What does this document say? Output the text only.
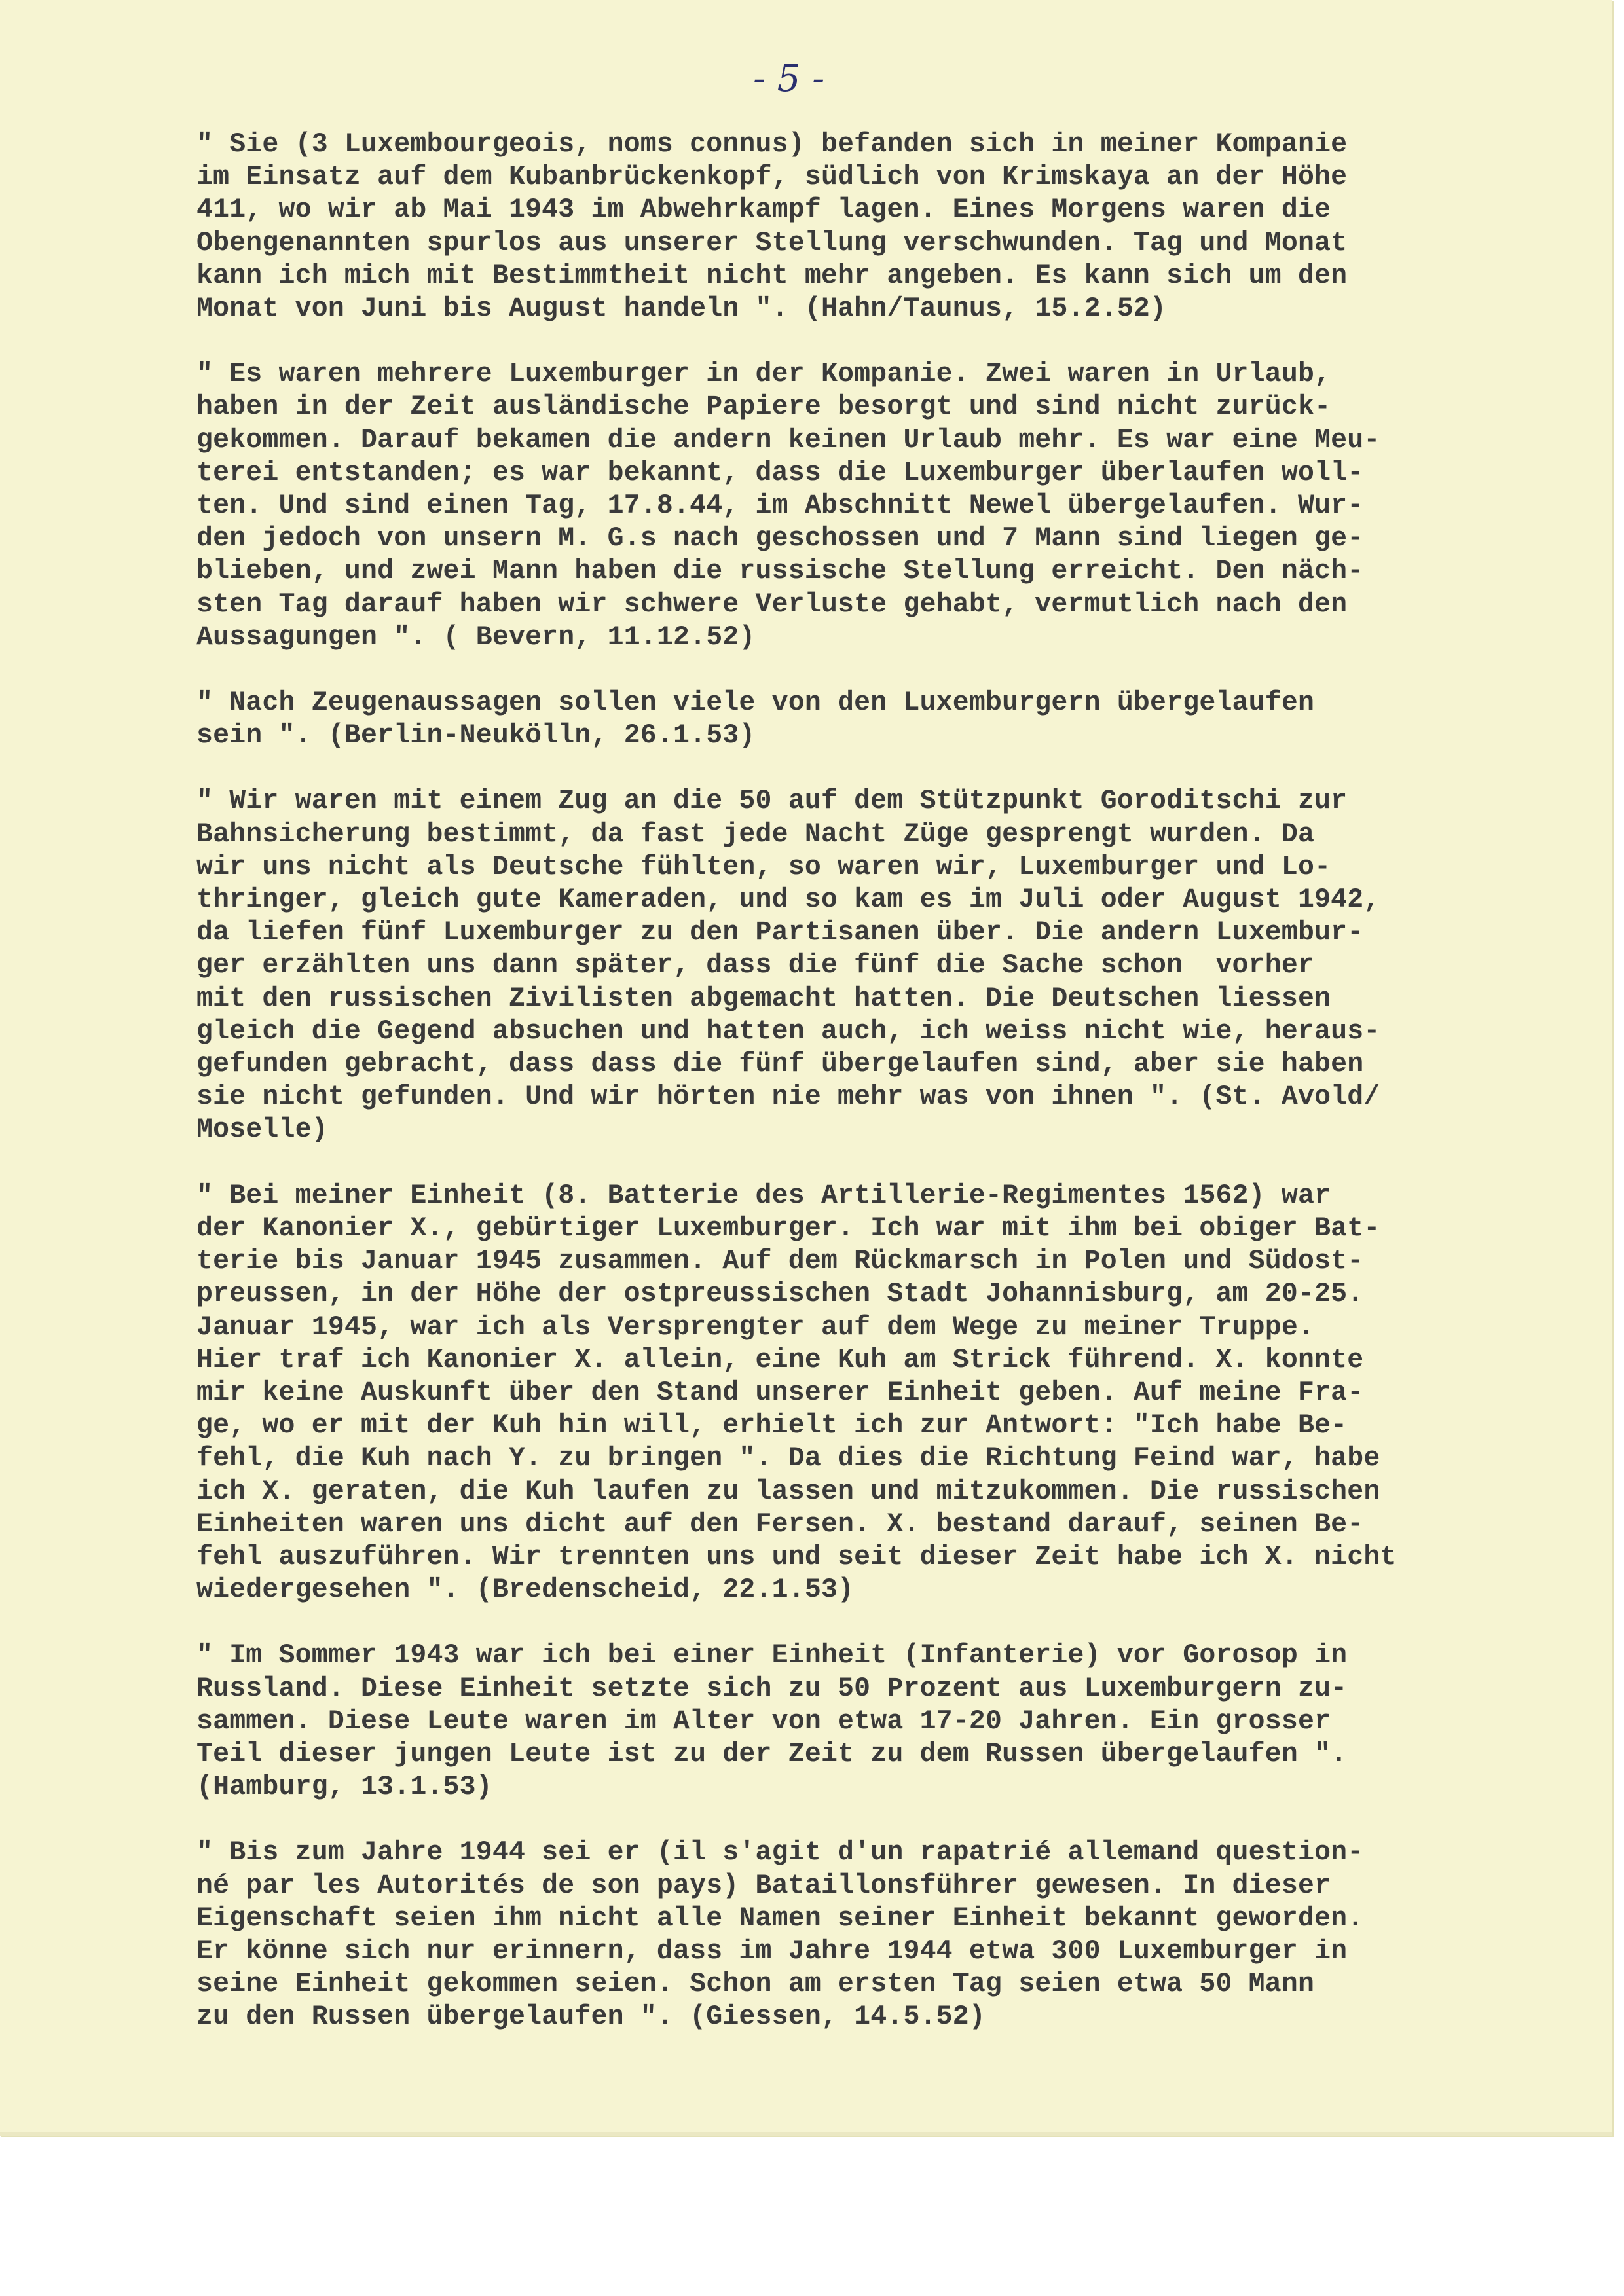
- 5 -
" Sie (3 Luxembourgeois, noms connus) befanden sich in meiner Kompanie
im Einsatz auf dem Kubanbrückenkopf, südlich von Krimskaya an der Höhe
411, wo wir ab Mai 1943 im Abwehrkampf lagen. Eines Morgens waren die
Obengenannten spurlos aus unserer Stellung verschwunden. Tag und Monat
kann ich mich mit Bestimmtheit nicht mehr angeben. Es kann sich um den
Monat von Juni bis August handeln ". (Hahn/Taunus, 15.2.52)
" Es waren mehrere Luxemburger in der Kompanie. Zwei waren in Urlaub,
haben in der Zeit ausländische Papiere besorgt und sind nicht zurück-
gekommen. Darauf bekamen die andern keinen Urlaub mehr. Es war eine Meu-
terei entstanden; es war bekannt, dass die Luxemburger überlaufen woll-
ten. Und sind einen Tag, 17.8.44, im Abschnitt Newel übergelaufen. Wur-
den jedoch von unsern M. G.s nach geschossen und 7 Mann sind liegen ge-
blieben, und zwei Mann haben die russische Stellung erreicht. Den näch-
sten Tag darauf haben wir schwere Verluste gehabt, vermutlich nach den
Aussagungen ". ( Bevern, 11.12.52)
" Nach Zeugenaussagen sollen viele von den Luxemburgern übergelaufen
sein ". (Berlin-Neukölln, 26.1.53)
" Wir waren mit einem Zug an die 50 auf dem Stützpunkt Goroditschi zur
Bahnsicherung bestimmt, da fast jede Nacht Züge gesprengt wurden. Da
wir uns nicht als Deutsche fühlten, so waren wir, Luxemburger und Lo-
thringer, gleich gute Kameraden, und so kam es im Juli oder August 1942,
da liefen fünf Luxemburger zu den Partisanen über. Die andern Luxembur-
ger erzählten uns dann später, dass die fünf die Sache schon  vorher
mit den russischen Zivilisten abgemacht hatten. Die Deutschen liessen
gleich die Gegend absuchen und hatten auch, ich weiss nicht wie, heraus-
gefunden gebracht, dass dass die fünf übergelaufen sind, aber sie haben
sie nicht gefunden. Und wir hörten nie mehr was von ihnen ". (St. Avold/
Moselle)
" Bei meiner Einheit (8. Batterie des Artillerie-Regimentes 1562) war
der Kanonier X., gebürtiger Luxemburger. Ich war mit ihm bei obiger Bat-
terie bis Januar 1945 zusammen. Auf dem Rückmarsch in Polen und Südost-
preussen, in der Höhe der ostpreussischen Stadt Johannisburg, am 20-25.
Januar 1945, war ich als Versprengter auf dem Wege zu meiner Truppe.
Hier traf ich Kanonier X. allein, eine Kuh am Strick führend. X. konnte
mir keine Auskunft über den Stand unserer Einheit geben. Auf meine Fra-
ge, wo er mit der Kuh hin will, erhielt ich zur Antwort: "Ich habe Be-
fehl, die Kuh nach Y. zu bringen ". Da dies die Richtung Feind war, habe
ich X. geraten, die Kuh laufen zu lassen und mitzukommen. Die russischen
Einheiten waren uns dicht auf den Fersen. X. bestand darauf, seinen Be-
fehl auszuführen. Wir trennten uns und seit dieser Zeit habe ich X. nicht
wiedergesehen ". (Bredenscheid, 22.1.53)
" Im Sommer 1943 war ich bei einer Einheit (Infanterie) vor Gorosop in
Russland. Diese Einheit setzte sich zu 50 Prozent aus Luxemburgern zu-
sammen. Diese Leute waren im Alter von etwa 17-20 Jahren. Ein grosser
Teil dieser jungen Leute ist zu der Zeit zu dem Russen übergelaufen ".
(Hamburg, 13.1.53)
" Bis zum Jahre 1944 sei er (il s'agit d'un rapatrié allemand question-
né par les Autorités de son pays) Bataillonsführer gewesen. In dieser
Eigenschaft seien ihm nicht alle Namen seiner Einheit bekannt geworden.
Er könne sich nur erinnern, dass im Jahre 1944 etwa 300 Luxemburger in
seine Einheit gekommen seien. Schon am ersten Tag seien etwa 50 Mann
zu den Russen übergelaufen ". (Giessen, 14.5.52)
